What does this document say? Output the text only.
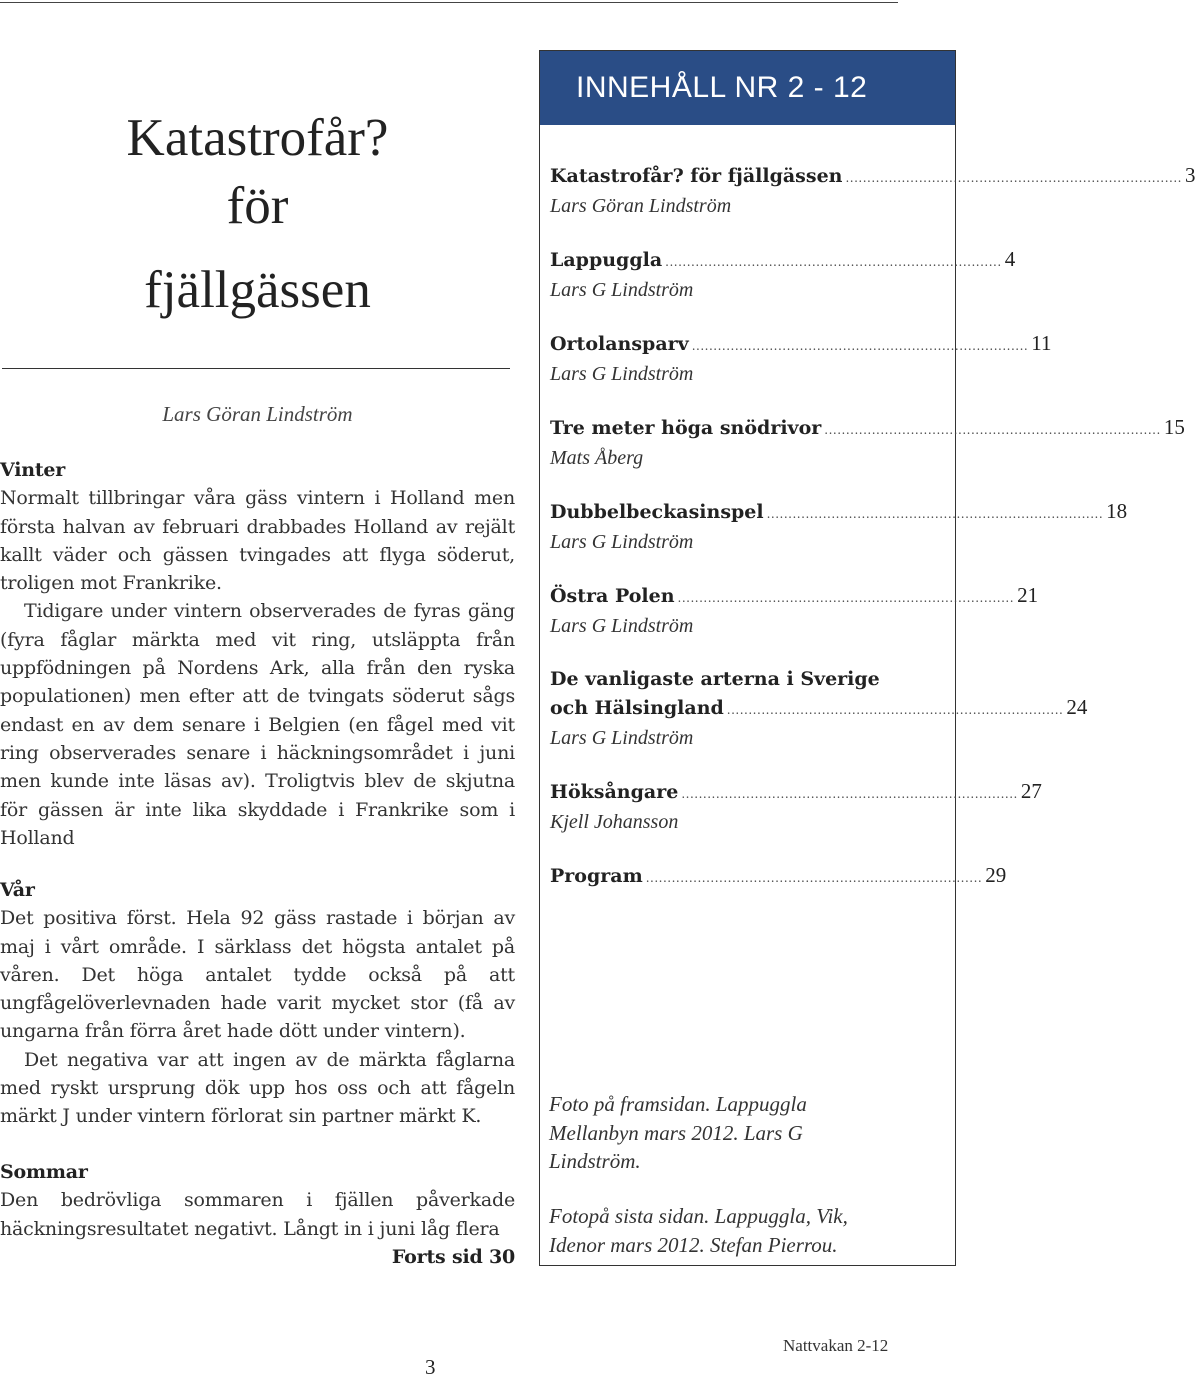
Katastrofår?
för
fjällgässen
Lars Göran Lindström
Vinter

Normalt tillbringar våra gäss vintern i Holland men första halvan av februari drabbades Holland av rejält kallt väder och gässen tvingades att flyga söderut, troligen mot Frankrike.

Tidigare under vintern observerades de fyras gäng (fyra fåglar märkta med vit ring, utsläppta från uppfödningen på Nordens Ark, alla från den ryska populationen) men efter att de tvingats söderut sågs endast en av dem senare i Belgien (en fågel med vit ring observerades senare i häckningsområdet i juni men kunde inte läsas av). Troligtvis blev de skjutna för gässen är inte lika skyddade i Frankrike som i Holland

Vår

Det positiva först. Hela 92 gäss rastade i början av maj i vårt område. I särklass det högsta antalet på våren. Det höga antalet tydde också på att ungfågelöverlevnaden hade varit mycket stor (få av ungarna från förra året hade dött under vintern).

Det negativa var att ingen av de märkta fåglarna med ryskt ursprung dök upp hos oss och att fågeln märkt J under vintern förlorat sin partner märkt K.

Sommar

Den bedrövliga sommaren i fjällen påverkade häckningsresultatet negativt. Långt in i juni låg flera

Forts sid 30
INNEHÅLL NR 2 - 12
Katastrofår? för fjällgässen .............................................................................. 3
Lars Göran Lindström
Lappuggla .............................................................................. 4
Lars G Lindström
Ortolansparv .............................................................................. 11
Lars G Lindström
Tre meter höga snödrivor .............................................................................. 15
Mats Åberg
Dubbelbeckasinspel .............................................................................. 18
Lars G Lindström
Östra Polen .............................................................................. 21
Lars G Lindström
De vanligaste arterna i Sverige
och Hälsingland .............................................................................. 24
Lars G Lindström
Höksångare .............................................................................. 27
Kjell Johansson
Program .............................................................................. 29
Foto på framsidan. Lappuggla Mellanbyn mars 2012. Lars G Lindström.
Fotopå sista sidan. Lappuggla, Vik, Idenor mars 2012. Stefan Pierrou.
3
Nattvakan 2-12
